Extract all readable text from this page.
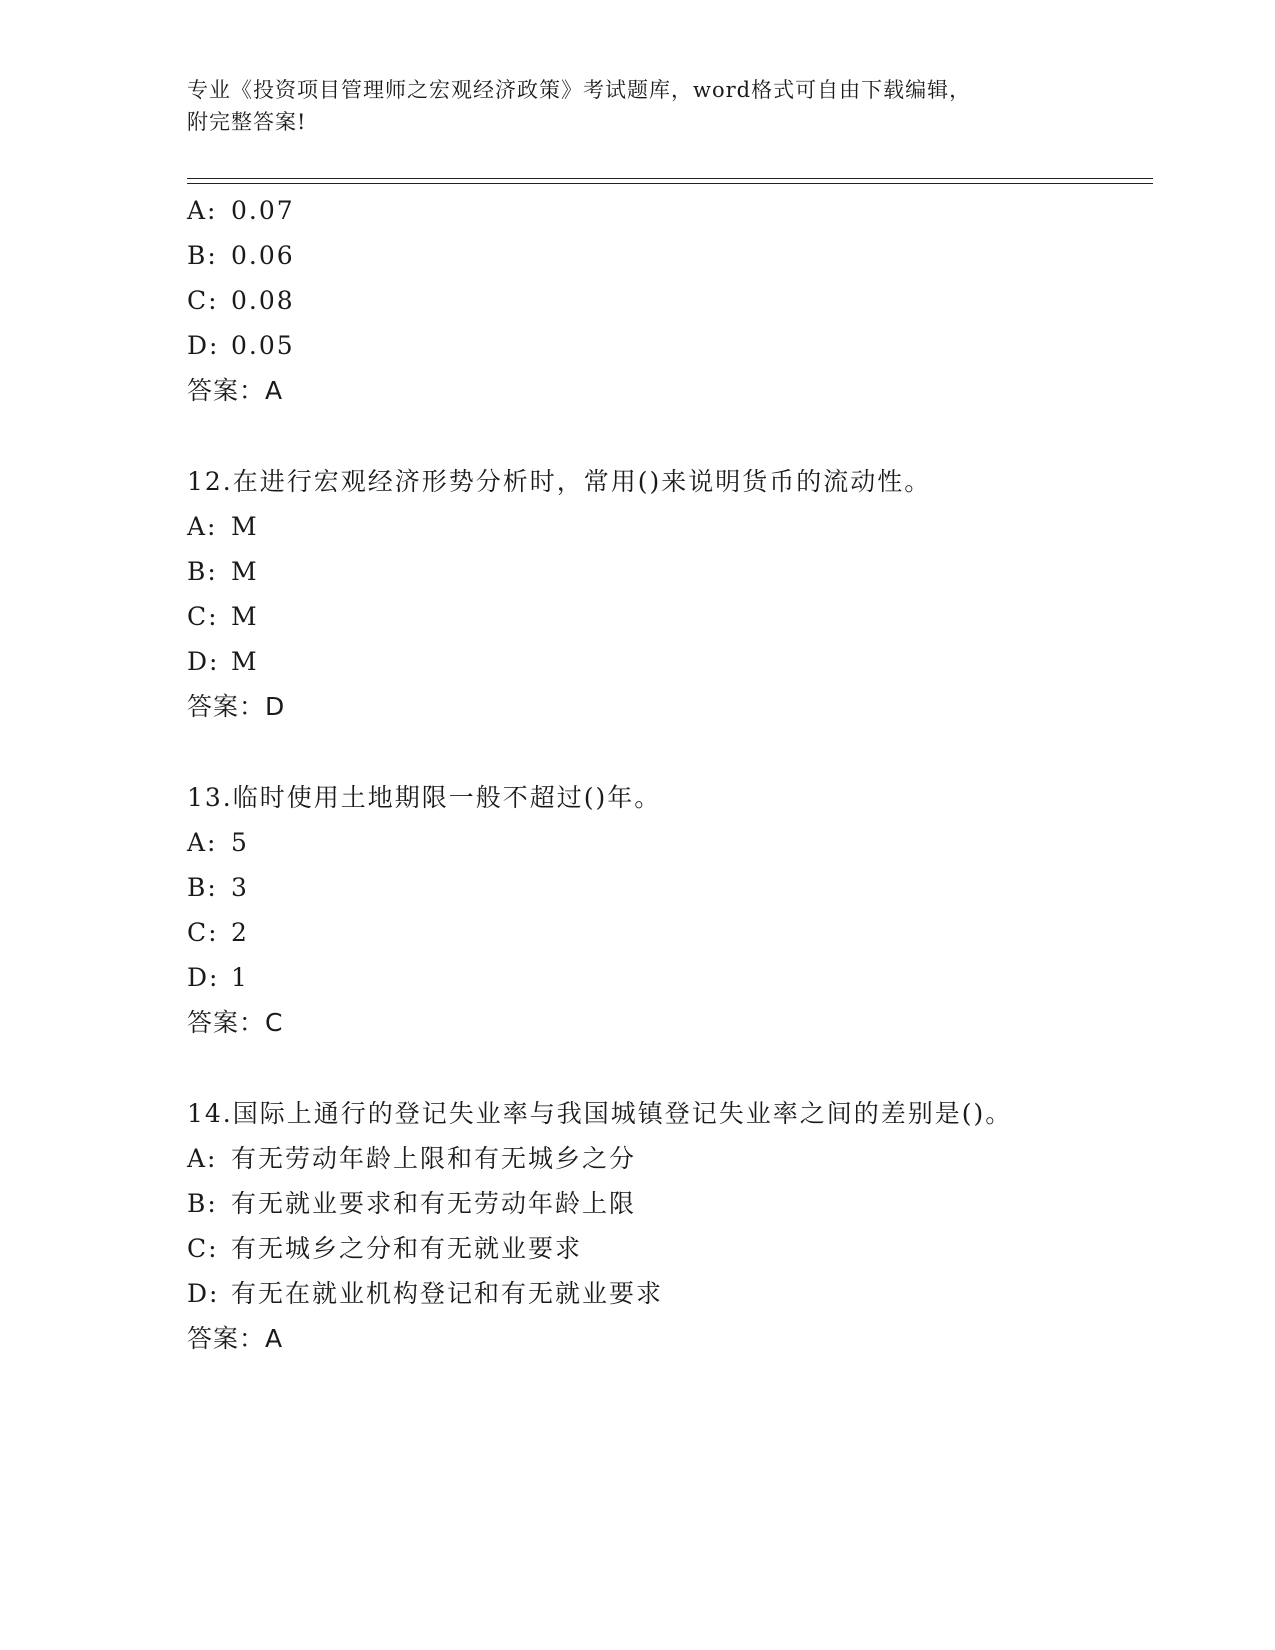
专业《投资项目管理师之宏观经济政策》考试题库，word格式可自由下载编辑，
附完整答案!
A: 0.07
B: 0.06
C: 0.08
D: 0.05
答案：A
12.在进行宏观经济形势分析时，常用()来说明货币的流动性。
A: M
B: M
C: M
D: M
答案：D
13.临时使用土地期限一般不超过()年。
A: 5
B: 3
C: 2
D: 1
答案：C
14.国际上通行的登记失业率与我国城镇登记失业率之间的差别是()。
A: 有无劳动年龄上限和有无城乡之分
B: 有无就业要求和有无劳动年龄上限
C: 有无城乡之分和有无就业要求
D: 有无在就业机构登记和有无就业要求
答案：A
